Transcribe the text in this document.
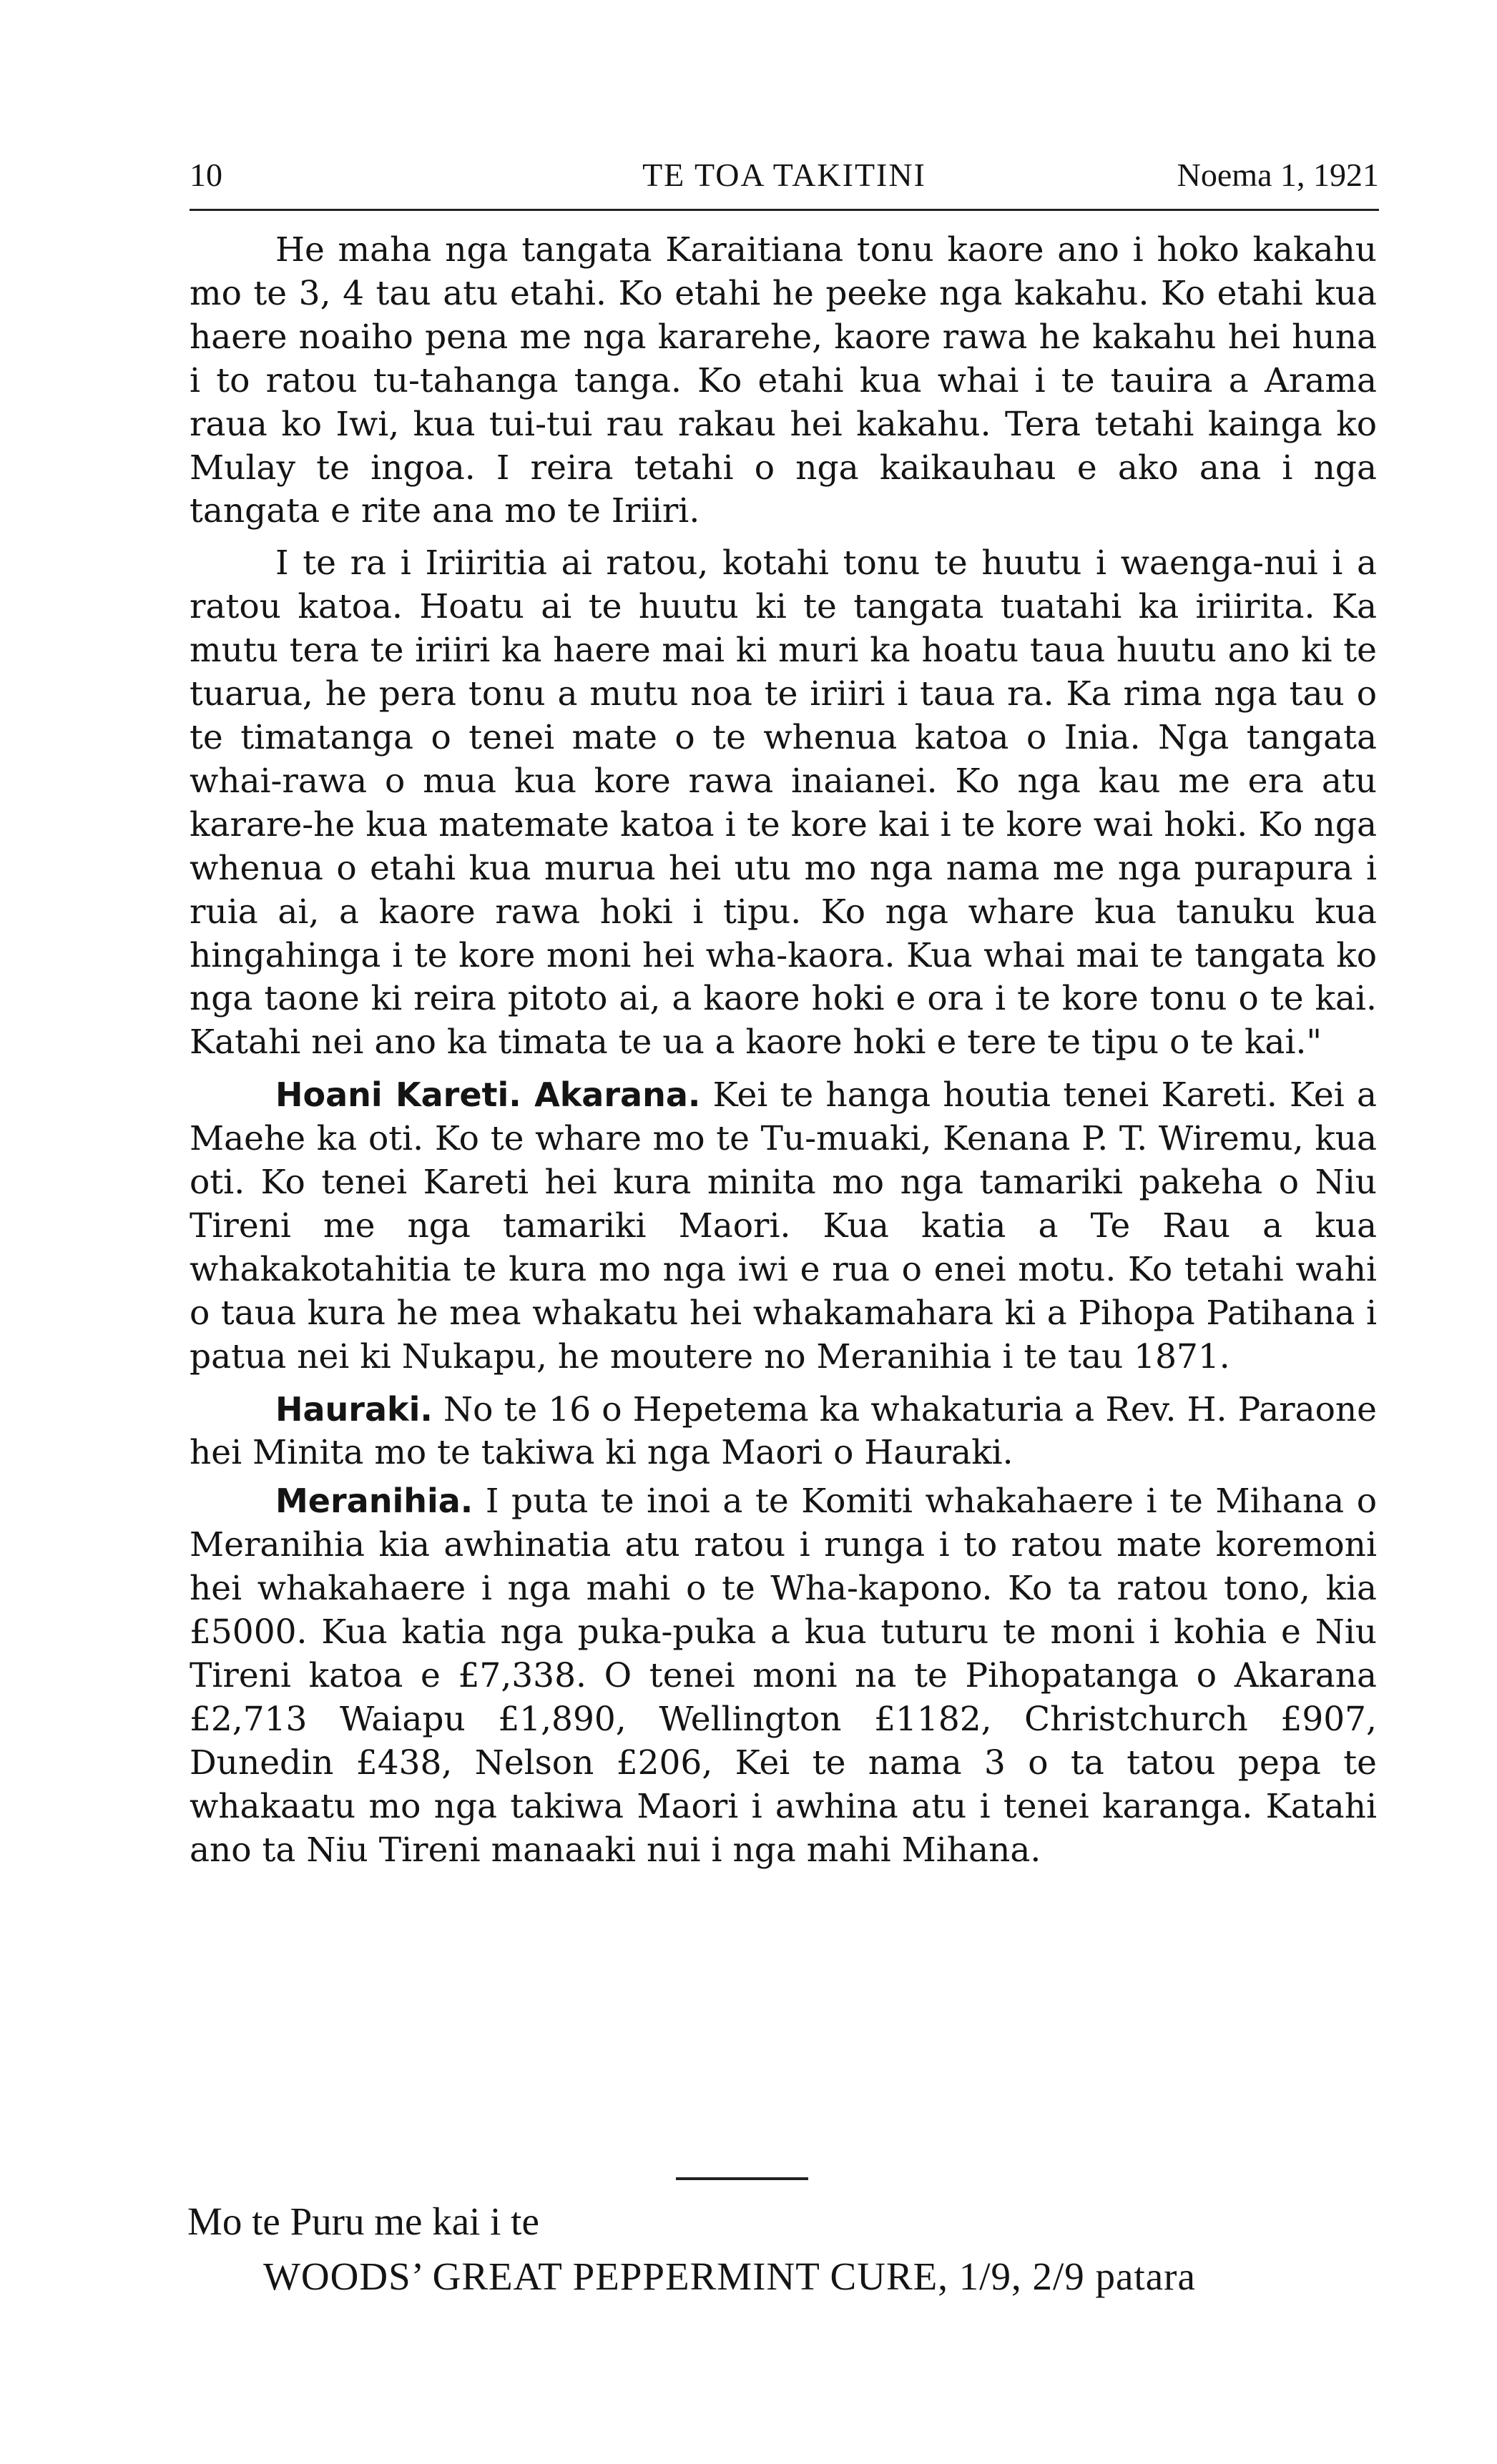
10	TE TOA TAKITINI	Noema 1, 1921

He maha nga tangata Karaitiana tonu kaore ano i hoko kakahu mo te 3, 4 tau atu etahi. Ko etahi he peeke nga kakahu. Ko etahi kua haere noaiho pena me nga kararehe, kaore rawa he kakahu hei huna i to ratou tu-tahanga tanga. Ko etahi kua whai i te tauira a Arama raua ko Iwi, kua tui-tui rau rakau hei kakahu. Tera tetahi kainga ko Mulay te ingoa. I reira tetahi o nga kaikauhau e ako ana i nga tangata e rite ana mo te Iriiri.

I te ra i Iriiritia ai ratou, kotahi tonu te huutu i waenga-nui i a ratou katoa. Hoatu ai te huutu ki te tangata tuatahi ka iriirita. Ka mutu tera te iriiri ka haere mai ki muri ka hoatu taua huutu ano ki te tuarua, he pera tonu a mutu noa te iriiri i taua ra. Ka rima nga tau o te timatanga o tenei mate o te whenua katoa o Inia. Nga tangata whai-rawa o mua kua kore rawa inaianei. Ko nga kau me era atu karare-he kua matemate katoa i te kore kai i te kore wai hoki. Ko nga whenua o etahi kua murua hei utu mo nga nama me nga purapura i ruia ai, a kaore rawa hoki i tipu. Ko nga whare kua tanuku kua hingahinga i te kore moni hei wha-kaora. Kua whai mai te tangata ko nga taone ki reira pitoto ai, a kaore hoki e ora i te kore tonu o te kai. Katahi nei ano ka timata te ua a kaore hoki e tere te tipu o te kai."

Hoani Kareti. Akarana. Kei te hanga houtia tenei Kareti. Kei a Maehe ka oti. Ko te whare mo te Tu-muaki, Kenana P. T. Wiremu, kua oti. Ko tenei Kareti hei kura minita mo nga tamariki pakeha o Niu Tireni me nga tamariki Maori. Kua katia a Te Rau a kua whakakotahitia te kura mo nga iwi e rua o enei motu. Ko tetahi wahi o taua kura he mea whakatu hei whakamahara ki a Pihopa Patihana i patua nei ki Nukapu, he moutere no Meranihia i te tau 1871.

Hauraki. No te 16 o Hepetema ka whakaturia a Rev. H. Paraone hei Minita mo te takiwa ki nga Maori o Hauraki.

Meranihia. I puta te inoi a te Komiti whakahaere i te Mihana o Meranihia kia awhinatia atu ratou i runga i to ratou mate koremoni hei whakahaere i nga mahi o te Wha-kapono. Ko ta ratou tono, kia £5000. Kua katia nga puka-puka a kua tuturu te moni i kohia e Niu Tireni katoa e £7,338. O tenei moni na te Pihopatanga o Akarana £2,713 Waiapu £1,890, Wellington £1182, Christchurch £907, Dunedin £438, Nelson £206, Kei te nama 3 o ta tatou pepa te whakaatu mo nga takiwa Maori i awhina atu i tenei karanga. Katahi ano ta Niu Tireni manaaki nui i nga mahi Mihana.

Mo te Puru me kai i te
WOODS’ GREAT PEPPERMINT CURE, 1/9, 2/9 patara
